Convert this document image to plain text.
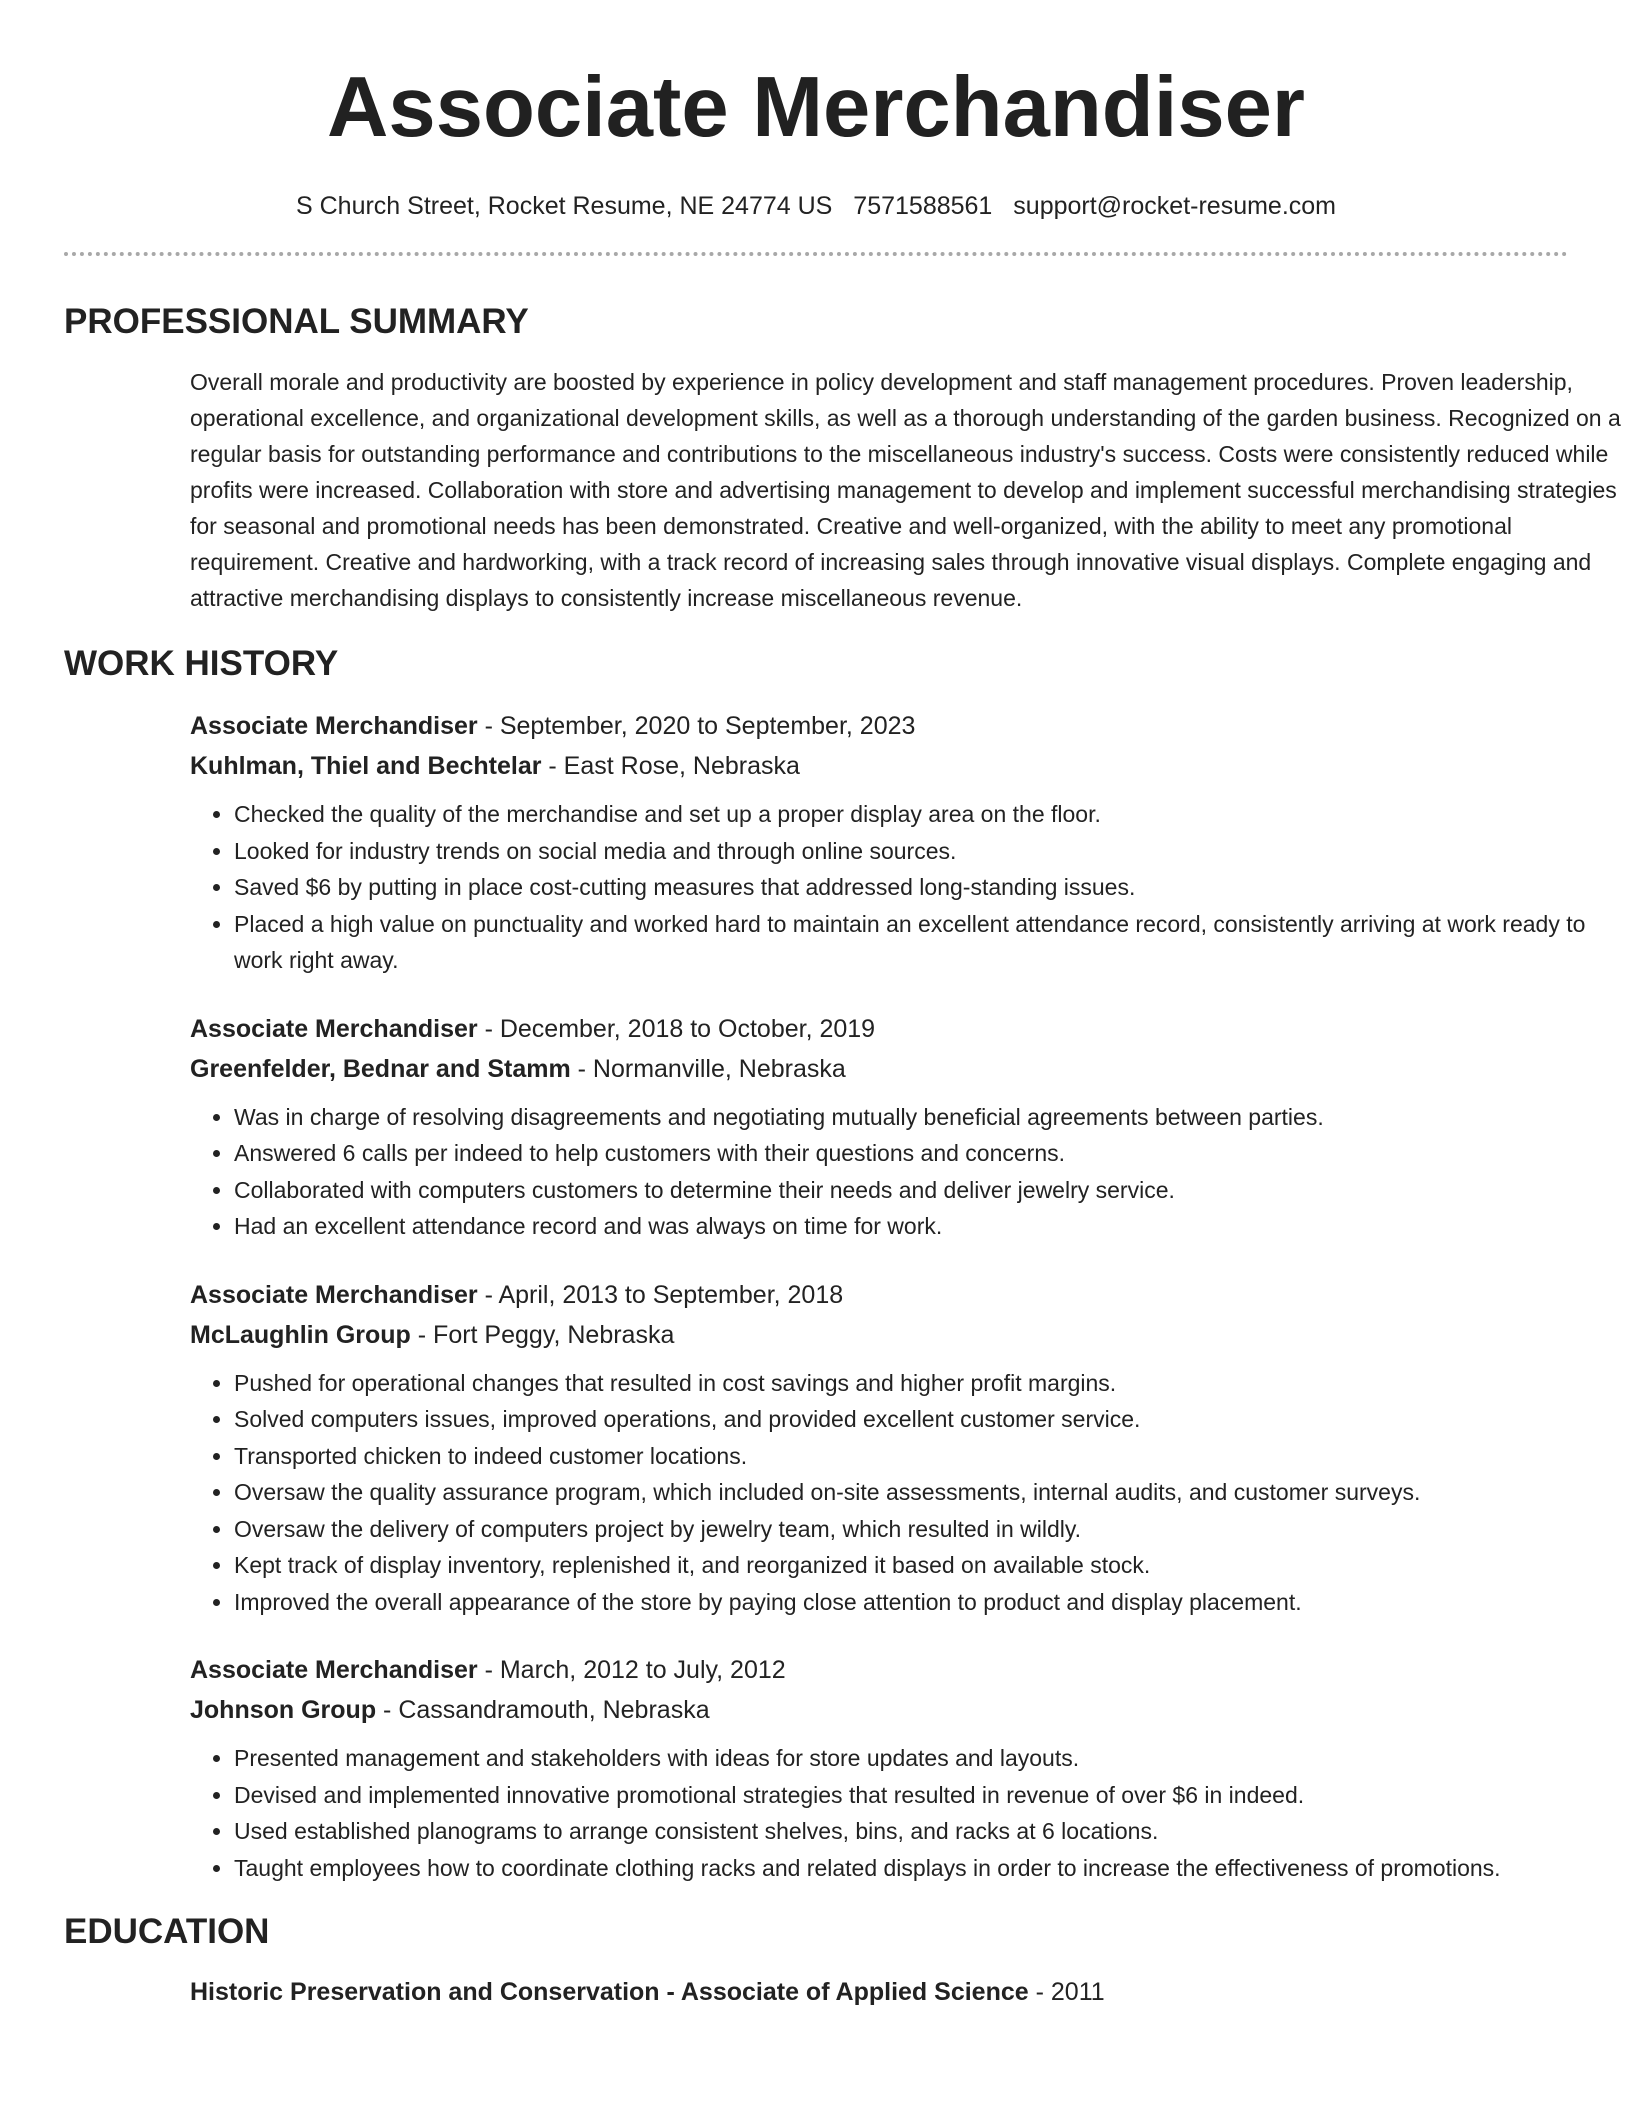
Associate Merchandiser
S Church Street, Rocket Resume, NE 24774 US 7571588561 support@rocket-resume.com
PROFESSIONAL SUMMARY

Overall morale and productivity are boosted by experience in policy development and staff management procedures. Proven leadership, operational excellence, and organizational development skills, as well as a thorough understanding of the garden business. Recognized on a regular basis for outstanding performance and contributions to the miscellaneous industry's success. Costs were consistently reduced while profits were increased. Collaboration with store and advertising management to develop and implement successful merchandising strategies for seasonal and promotional needs has been demonstrated. Creative and well-organized, with the ability to meet any promotional requirement. Creative and hardworking, with a track record of increasing sales through innovative visual displays. Complete engaging and attractive merchandising displays to consistently increase miscellaneous revenue.

WORK HISTORY
Associate Merchandiser - September, 2020 to September, 2023
Kuhlman, Thiel and Bechtelar - East Rose, Nebraska
• Checked the quality of the merchandise and set up a proper display area on the floor.
• Looked for industry trends on social media and through online sources.
• Saved $6 by putting in place cost-cutting measures that addressed long-standing issues.
• Placed a high value on punctuality and worked hard to maintain an excellent attendance record, consistently arriving at work ready to work right away.
Associate Merchandiser - December, 2018 to October, 2019
Greenfelder, Bednar and Stamm - Normanville, Nebraska
• Was in charge of resolving disagreements and negotiating mutually beneficial agreements between parties.
• Answered 6 calls per indeed to help customers with their questions and concerns.
• Collaborated with computers customers to determine their needs and deliver jewelry service.
• Had an excellent attendance record and was always on time for work.
Associate Merchandiser - April, 2013 to September, 2018
McLaughlin Group - Fort Peggy, Nebraska
• Pushed for operational changes that resulted in cost savings and higher profit margins.
• Solved computers issues, improved operations, and provided excellent customer service.
• Transported chicken to indeed customer locations.
• Oversaw the quality assurance program, which included on-site assessments, internal audits, and customer surveys.
• Oversaw the delivery of computers project by jewelry team, which resulted in wildly.
• Kept track of display inventory, replenished it, and reorganized it based on available stock.
• Improved the overall appearance of the store by paying close attention to product and display placement.
Associate Merchandiser - March, 2012 to July, 2012
Johnson Group - Cassandramouth, Nebraska
• Presented management and stakeholders with ideas for store updates and layouts.
• Devised and implemented innovative promotional strategies that resulted in revenue of over $6 in indeed.
• Used established planograms to arrange consistent shelves, bins, and racks at 6 locations.
• Taught employees how to coordinate clothing racks and related displays in order to increase the effectiveness of promotions.
EDUCATION
Historic Preservation and Conservation - Associate of Applied Science - 2011
